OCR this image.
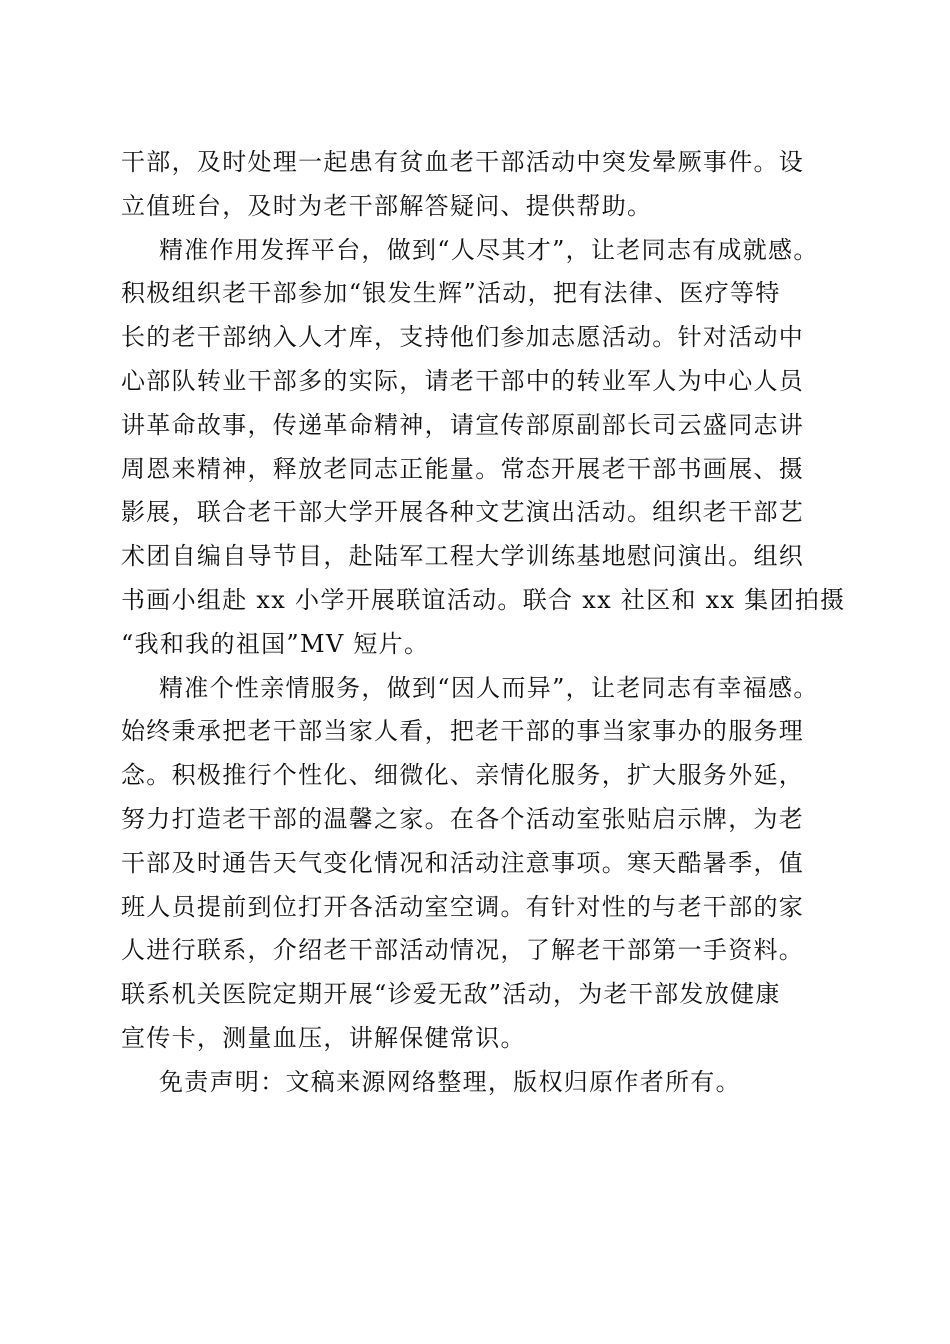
干部，及时处理一起患有贫血老干部活动中突发晕厥事件。设
立值班台，及时为老干部解答疑问、提供帮助。
精准作用发挥平台，做到“人尽其才”，让老同志有成就感。
积极组织老干部参加“银发生辉”活动，把有法律、医疗等特
长的老干部纳入人才库，支持他们参加志愿活动。针对活动中
心部队转业干部多的实际，请老干部中的转业军人为中心人员
讲革命故事，传递革命精神，请宣传部原副部长司云盛同志讲
周恩来精神，释放老同志正能量。常态开展老干部书画展、摄
影展，联合老干部大学开展各种文艺演出活动。组织老干部艺
术团自编自导节目，赴陆军工程大学训练基地慰问演出。组织
书画小组赴 xx 小学开展联谊活动。联合 xx 社区和 xx 集团拍摄
“我和我的祖国”MV 短片。
精准个性亲情服务，做到“因人而异”，让老同志有幸福感。
始终秉承把老干部当家人看，把老干部的事当家事办的服务理
念。积极推行个性化、细微化、亲情化服务，扩大服务外延，
努力打造老干部的温馨之家。在各个活动室张贴启示牌，为老
干部及时通告天气变化情况和活动注意事项。寒天酷暑季，值
班人员提前到位打开各活动室空调。有针对性的与老干部的家
人进行联系，介绍老干部活动情况，了解老干部第一手资料。
联系机关医院定期开展“诊爱无敌”活动，为老干部发放健康
宣传卡，测量血压，讲解保健常识。
免责声明：文稿来源网络整理，版权归原作者所有。
